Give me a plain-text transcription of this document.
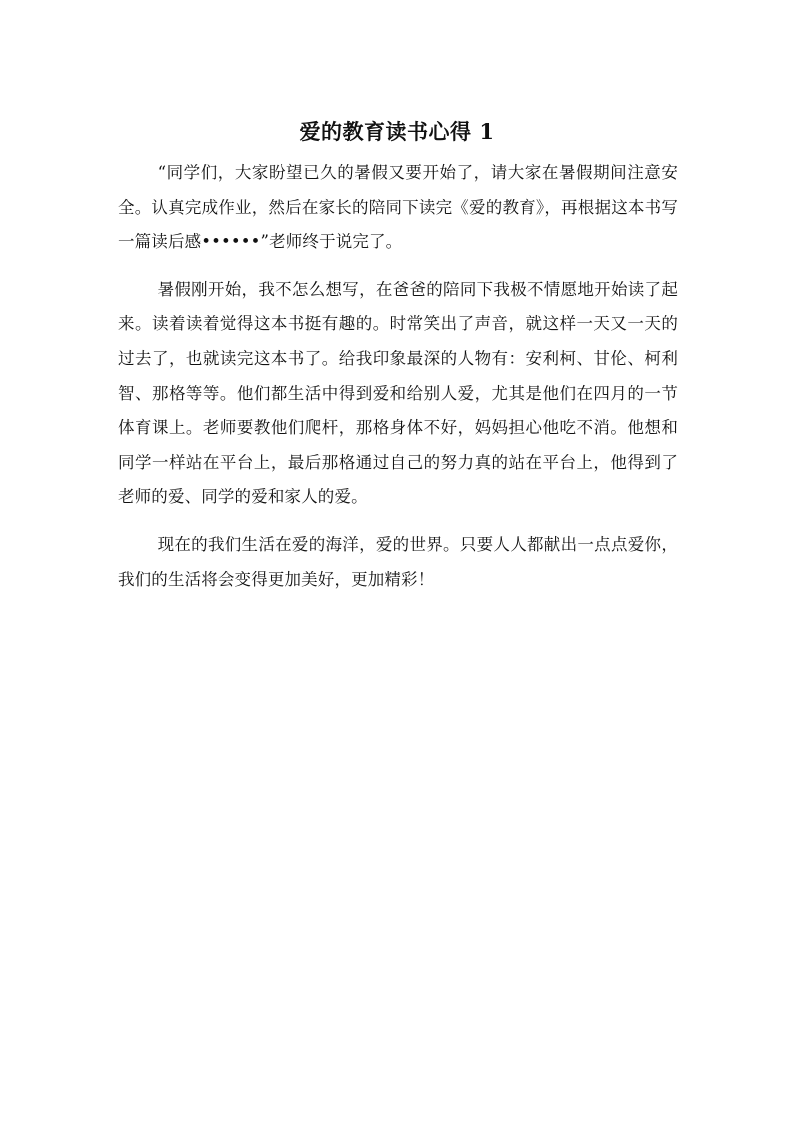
爱的教育读书心得 1

“同学们，大家盼望已久的暑假又要开始了，请大家在暑假期间注意安全。认真完成作业，然后在家长的陪同下读完《爱的教育》，再根据这本书写一篇读后感••••••”老师终于说完了。

暑假刚开始，我不怎么想写，在爸爸的陪同下我极不情愿地开始读了起来。读着读着觉得这本书挺有趣的。时常笑出了声音，就这样一天又一天的过去了，也就读完这本书了。给我印象最深的人物有：安利柯、甘伦、柯利智、那格等等。他们都生活中得到爱和给别人爱，尤其是他们在四月的一节体育课上。老师要教他们爬杆，那格身体不好，妈妈担心他吃不消。他想和同学一样站在平台上，最后那格通过自己的努力真的站在平台上，他得到了老师的爱、同学的爱和家人的爱。

现在的我们生活在爱的海洋，爱的世界。只要人人都献出一点点爱你，我们的生活将会变得更加美好，更加精彩！
